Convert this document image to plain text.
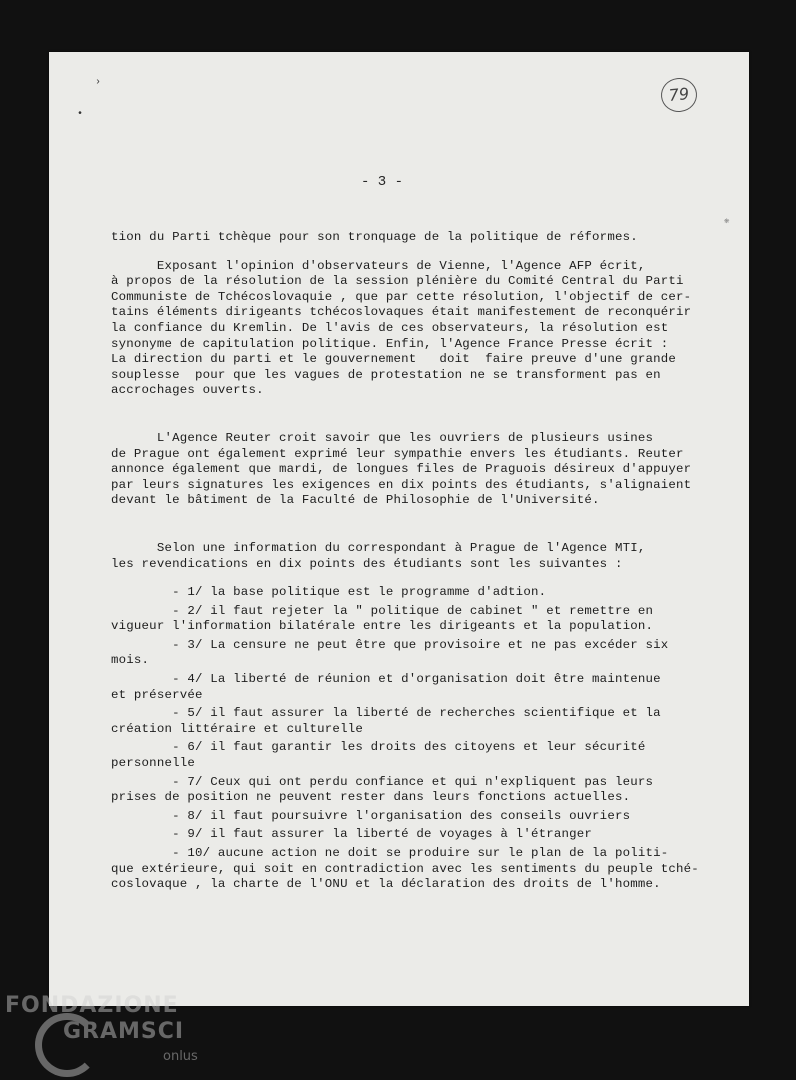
›
•
79
- 3 -
❋
tion du Parti tchèque pour son tronquage de la politique de réformes.
Exposant l'opinion d'observateurs de Vienne, l'Agence AFP écrit,
à propos de la résolution de la session plénière du Comité Central du Parti
Communiste de Tchécoslovaquie , que par cette résolution, l'objectif de cer-
tains éléments dirigeants tchécoslovaques était manifestement de reconquérir
la confiance du Kremlin. De l'avis de ces observateurs, la résolution est
synonyme de capitulation politique. Enfin, l'Agence France Presse écrit :
La direction du parti et le gouvernement   doit  faire preuve d'une grande
souplesse  pour que les vagues de protestation ne se transforment pas en
accrochages ouverts.
L'Agence Reuter croit savoir que les ouvriers de plusieurs usines
de Prague ont également exprimé leur sympathie envers les étudiants. Reuter
annonce également que mardi, de longues files de Praguois désireux d'appuyer
par leurs signatures les exigences en dix points des étudiants, s'alignaient
devant le bâtiment de la Faculté de Philosophie de l'Université.
Selon une information du correspondant à Prague de l'Agence MTI,
les revendications en dix points des étudiants sont les suivantes :
- 1/ la base politique est le programme d'adtion.
- 2/ il faut rejeter la " politique de cabinet " et remettre en
vigueur l'information bilatérale entre les dirigeants et la population.
- 3/ La censure ne peut être que provisoire et ne pas excéder six
mois.
- 4/ La liberté de réunion et d'organisation doit être maintenue
et préservée
- 5/ il faut assurer la liberté de recherches scientifique et la
création littéraire et culturelle
- 6/ il faut garantir les droits des citoyens et leur sécurité
personnelle
- 7/ Ceux qui ont perdu confiance et qui n'expliquent pas leurs
prises de position ne peuvent rester dans leurs fonctions actuelles.
- 8/ il faut poursuivre l'organisation des conseils ouvriers
- 9/ il faut assurer la liberté de voyages à l'étranger
- 10/ aucune action ne doit se produire sur le plan de la politi-
que extérieure, qui soit en contradiction avec les sentiments du peuple tché-
coslovaque , la charte de l'ONU et la déclaration des droits de l'homme.
FONDAZIONE
GRAMSCI
onlus
